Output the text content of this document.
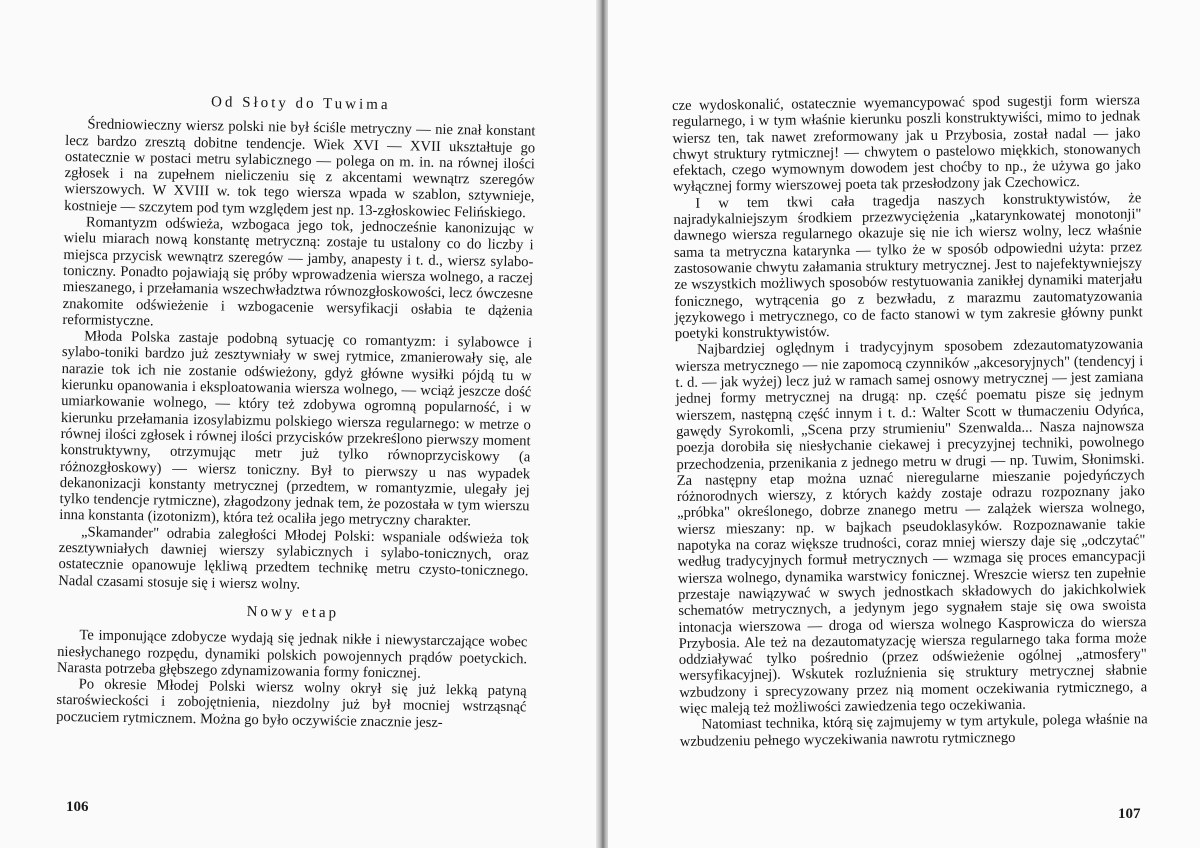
Od Słoty do Tuwima

Średniowieczny wiersz polski nie był ściśle metryczny — nie znał konstant lecz bardzo zresztą dobitne tendencje. Wiek XVI — XVII ukształtuje go ostatecznie w postaci metru sylabicznego — polega on m. in. na równej ilości zgłosek i na zupełnem nieliczeniu się z akcentami wewnątrz szeregów wierszowych. W XVIII w. tok tego wiersza wpada w szablon, sztywnieje, kostnieje — szczytem pod tym względem jest np. 13-zgłoskowiec Felińskiego.

Romantyzm odświeża, wzbogaca jego tok, jednocześnie kanonizując w wielu miarach nową konstantę metryczną: zostaje tu ustalony co do liczby i miejsca przycisk wewnątrz szeregów — jamby, anapesty i t. d., wiersz sylabo-toniczny. Ponadto pojawiają się próby wprowadzenia wiersza wolnego, a raczej mieszanego, i przełamania wszechwładztwa równozgłoskowości, lecz ówczesne znakomite odświeżenie i wzbogacenie wersyfikacji osłabia te dążenia reformistyczne.

Młoda Polska zastaje podobną sytuację co romantyzm: i sylabowce i sylabo-toniki bardzo już zesztywniały w swej rytmice, zmanierowały się, ale narazie tok ich nie zostanie odświeżony, gdyż główne wysiłki pójdą tu w kierunku opanowania i eksploatowania wiersza wolnego, — wciąż jeszcze dość umiarkowanie wolnego, — który też zdobywa ogromną popularność, i w kierunku przełamania izosylabizmu polskiego wiersza regularnego: w metrze o równej ilości zgłosek i równej ilości przycisków przekreślono pierwszy moment konstruktywny, otrzymując metr już tylko równoprzyciskowy (a różnozgłoskowy) — wiersz toniczny. Był to pierwszy u nas wypadek dekanonizacji konstanty metrycznej (przedtem, w romantyzmie, ulegały jej tylko tendencje rytmiczne), złagodzony jednak tem, że pozostała w tym wierszu inna konstanta (izotonizm), która też ocaliła jego metryczny charakter.

„Skamander" odrabia zaległości Młodej Polski: wspaniale odświeża tok zesztywniałych dawniej wierszy sylabicznych i sylabo-tonicznych, oraz ostatecznie opanowuje lękliwą przedtem technikę metru czysto-tonicznego. Nadal czasami stosuje się i wiersz wolny.

Nowy etap

Te imponujące zdobycze wydają się jednak nikłe i niewystarczające wobec niesłychanego rozpędu, dynamiki polskich powojennych prądów poetyckich. Narasta potrzeba głębszego zdynamizowania formy fonicznej.

Po okresie Młodej Polski wiersz wolny okrył się już lekką patyną staroświeckości i zobojętnienia, niezdolny już był mocniej wstrząsnąć poczuciem rytmicznem. Można go było oczywiście znacznie jesz-

106

cze wydoskonalić, ostatecznie wyemancypować spod sugestji form wiersza regularnego, i w tym właśnie kierunku poszli konstruktywiści, mimo to jednak wiersz ten, tak nawet zreformowany jak u Przybosia, został nadal — jako chwyt struktury rytmicznej! — chwytem o pastelowo miękkich, stonowanych efektach, czego wymownym dowodem jest choćby to np., że używa go jako wyłącznej formy wierszowej poeta tak przesłodzony jak Czechowicz.

I w tem tkwi cała tragedja naszych konstruktywistów, że najradykalniejszym środkiem przezwyciężenia „katarynkowatej monotonji" dawnego wiersza regularnego okazuje się nie ich wiersz wolny, lecz właśnie sama ta metryczna katarynka — tylko że w sposób odpowiedni użyta: przez zastosowanie chwytu załamania struktury metrycznej. Jest to najefektywniejszy ze wszystkich możliwych sposobów restytuowania zanikłej dynamiki materjału fonicznego, wytrącenia go z bezwładu, z marazmu zautomatyzowania językowego i metrycznego, co de facto stanowi w tym zakresie główny punkt poetyki konstruktywistów.

Najbardziej oględnym i tradycyjnym sposobem zdezautomatyzowania wiersza metrycznego — nie zapomocą czynników „akcesoryjnych" (tendencyj i t. d. — jak wyżej) lecz już w ramach samej osnowy metrycznej — jest zamiana jednej formy metrycznej na drugą: np. część poematu pisze się jednym wierszem, następną część innym i t. d.: Walter Scott w tłumaczeniu Odyńca, gawędy Syrokomli, „Scena przy strumieniu" Szenwalda... Nasza najnowsza poezja dorobiła się niesłychanie ciekawej i precyzyjnej techniki, powolnego przechodzenia, przenikania z jednego metru w drugi — np. Tuwim, Słonimski. Za następny etap można uznać nieregularne mieszanie pojedyńczych różnorodnych wierszy, z których każdy zostaje odrazu rozpoznany jako „próbka" określonego, dobrze znanego metru — zalążek wiersza wolnego, wiersz mieszany: np. w bajkach pseudoklasyków. Rozpoznawanie takie napotyka na coraz większe trudności, coraz mniej wierszy daje się „odczytać" według tradycyjnych formuł metrycznych — wzmaga się proces emancypacji wiersza wolnego, dynamika warstwicy fonicznej. Wreszcie wiersz ten zupełnie przestaje nawiązywać w swych jednostkach składowych do jakichkolwiek schematów metrycznych, a jedynym jego sygnałem staje się owa swoista intonacja wierszowa — droga od wiersza wolnego Kasprowicza do wiersza Przybosia. Ale też na dezautomatyzację wiersza regularnego taka forma może oddziaływać tylko pośrednio (przez odświeżenie ogólnej „atmosfery" wersyfikacyjnej). Wskutek rozluźnienia się struktury metrycznej słabnie wzbudzony i sprecyzowany przez nią moment oczekiwania rytmicznego, a więc maleją też możliwości zawiedzenia tego oczekiwania.

Natomiast technika, którą się zajmujemy w tym artykule, polega właśnie na wzbudzeniu pełnego wyczekiwania nawrotu rytmicznego

107
